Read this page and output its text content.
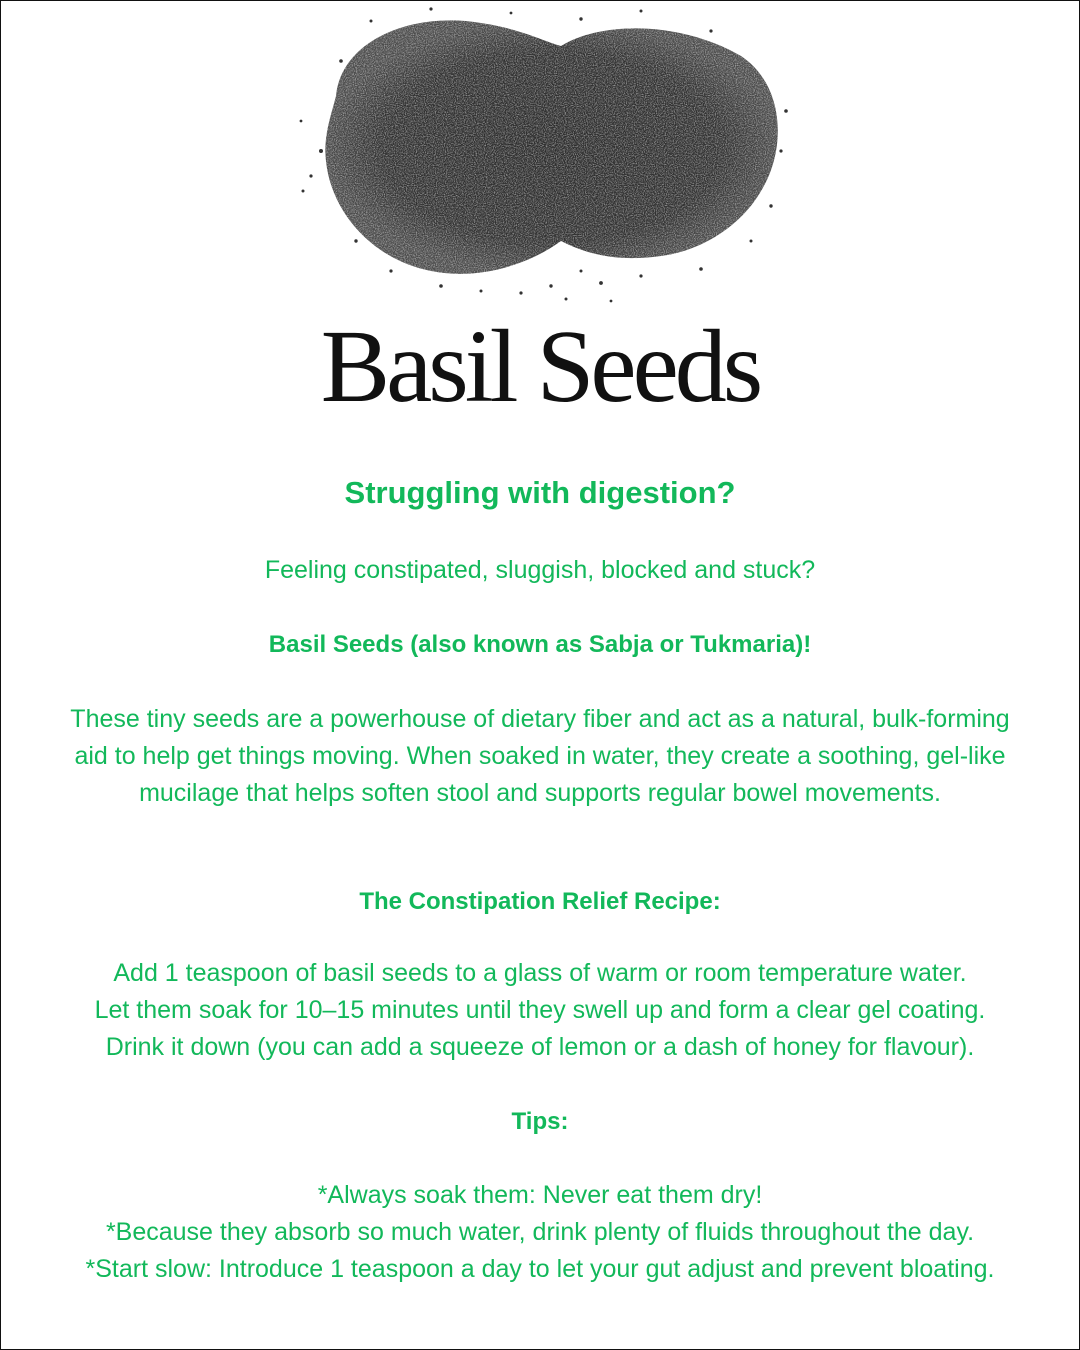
Basil Seeds
Struggling with digestion?
Feeling constipated, sluggish, blocked and stuck?
Basil Seeds (also known as Sabja or Tukmaria)!
These tiny seeds are a powerhouse of dietary fiber and act as a natural, bulk-forming aid to help get things moving. When soaked in water, they create a soothing, gel-like mucilage that helps soften stool and supports regular bowel movements.
The Constipation Relief Recipe:
Add 1 teaspoon of basil seeds to a glass of warm or room temperature water.
Let them soak for 10–15 minutes until they swell up and form a clear gel coating.
Drink it down (you can add a squeeze of lemon or a dash of honey for flavour).
Tips:
*Always soak them: Never eat them dry!
*Because they absorb so much water, drink plenty of fluids throughout the day.
*Start slow: Introduce 1 teaspoon a day to let your gut adjust and prevent bloating.
